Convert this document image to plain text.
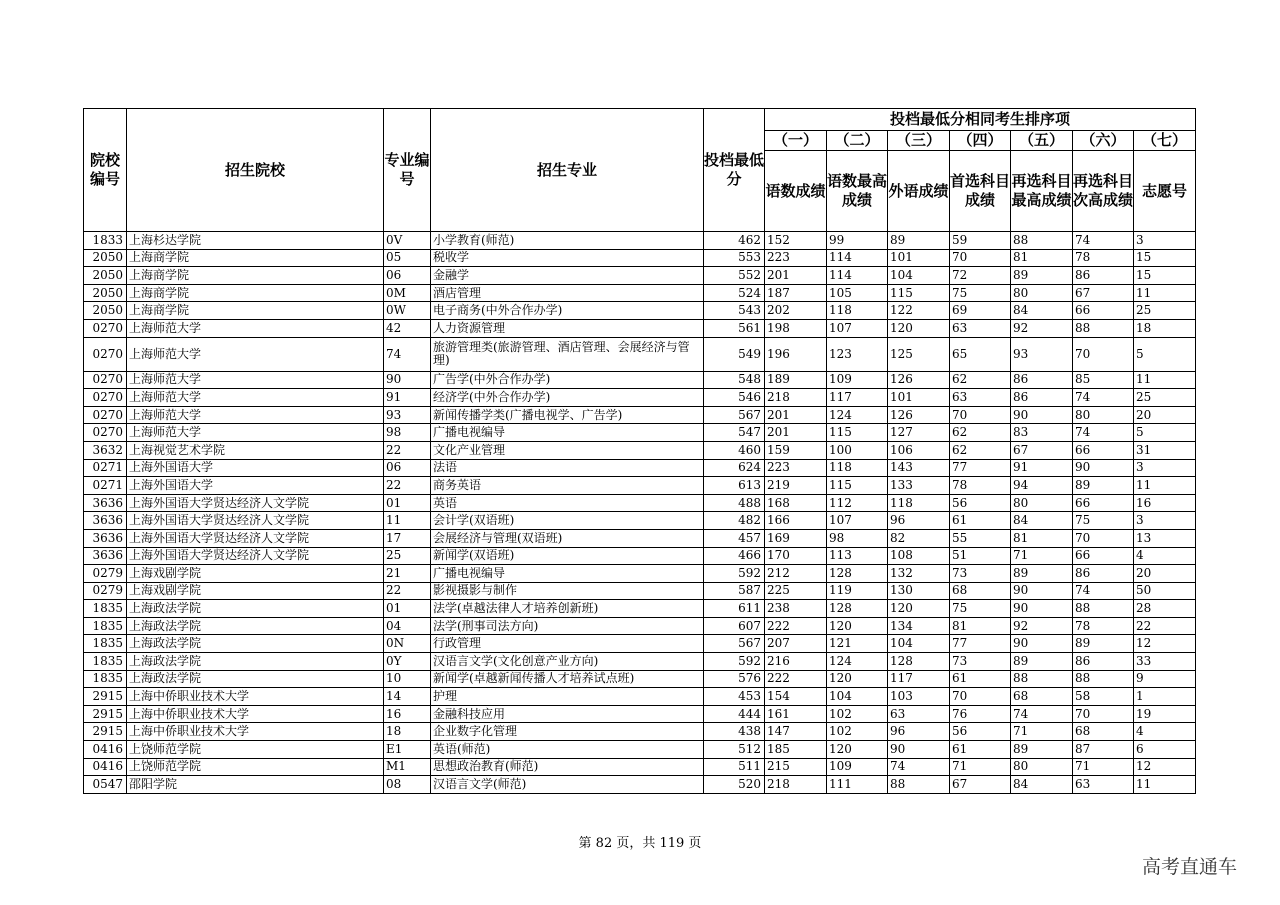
院校编号	招生院校	专业编号	招生专业	投档最低分	投档最低分相同考生排序项						
					（一）	（二）	（三）	（四）	（五）	（六）	（七）
					语数成绩	语数最高成绩	外语成绩	首选科目成绩	再选科目最高成绩	再选科目次高成绩	志愿号
1833	上海杉达学院	0V	小学教育(师范)	462	152	99	89	59	88	74	3
2050	上海商学院	05	税收学	553	223	114	101	70	81	78	15
2050	上海商学院	06	金融学	552	201	114	104	72	89	86	15
2050	上海商学院	0M	酒店管理	524	187	105	115	75	80	67	11
2050	上海商学院	0W	电子商务(中外合作办学)	543	202	118	122	69	84	66	25
0270	上海师范大学	42	人力资源管理	561	198	107	120	63	92	88	18
0270	上海师范大学	74	旅游管理类(旅游管理、酒店管理、会展经济与管理)	549	196	123	125	65	93	70	5
0270	上海师范大学	90	广告学(中外合作办学)	548	189	109	126	62	86	85	11
0270	上海师范大学	91	经济学(中外合作办学)	546	218	117	101	63	86	74	25
0270	上海师范大学	93	新闻传播学类(广播电视学、广告学)	567	201	124	126	70	90	80	20
0270	上海师范大学	98	广播电视编导	547	201	115	127	62	83	74	5
3632	上海视觉艺术学院	22	文化产业管理	460	159	100	106	62	67	66	31
0271	上海外国语大学	06	法语	624	223	118	143	77	91	90	3
0271	上海外国语大学	22	商务英语	613	219	115	133	78	94	89	11
3636	上海外国语大学贤达经济人文学院	01	英语	488	168	112	118	56	80	66	16
3636	上海外国语大学贤达经济人文学院	11	会计学(双语班)	482	166	107	96	61	84	75	3
3636	上海外国语大学贤达经济人文学院	17	会展经济与管理(双语班)	457	169	98	82	55	81	70	13
3636	上海外国语大学贤达经济人文学院	25	新闻学(双语班)	466	170	113	108	51	71	66	4
0279	上海戏剧学院	21	广播电视编导	592	212	128	132	73	89	86	20
0279	上海戏剧学院	22	影视摄影与制作	587	225	119	130	68	90	74	50
1835	上海政法学院	01	法学(卓越法律人才培养创新班)	611	238	128	120	75	90	88	28
1835	上海政法学院	04	法学(刑事司法方向)	607	222	120	134	81	92	78	22
1835	上海政法学院	0N	行政管理	567	207	121	104	77	90	89	12
1835	上海政法学院	0Y	汉语言文学(文化创意产业方向)	592	216	124	128	73	89	86	33
1835	上海政法学院	10	新闻学(卓越新闻传播人才培养试点班)	576	222	120	117	61	88	88	9
2915	上海中侨职业技术大学	14	护理	453	154	104	103	70	68	58	1
2915	上海中侨职业技术大学	16	金融科技应用	444	161	102	63	76	74	70	19
2915	上海中侨职业技术大学	18	企业数字化管理	438	147	102	96	56	71	68	4
0416	上饶师范学院	E1	英语(师范)	512	185	120	90	61	89	87	6
0416	上饶师范学院	M1	思想政治教育(师范)	511	215	109	74	71	80	71	12
0547	邵阳学院	08	汉语言文学(师范)	520	218	111	88	67	84	63	11
第 82 页，共 119 页
高考直通车
